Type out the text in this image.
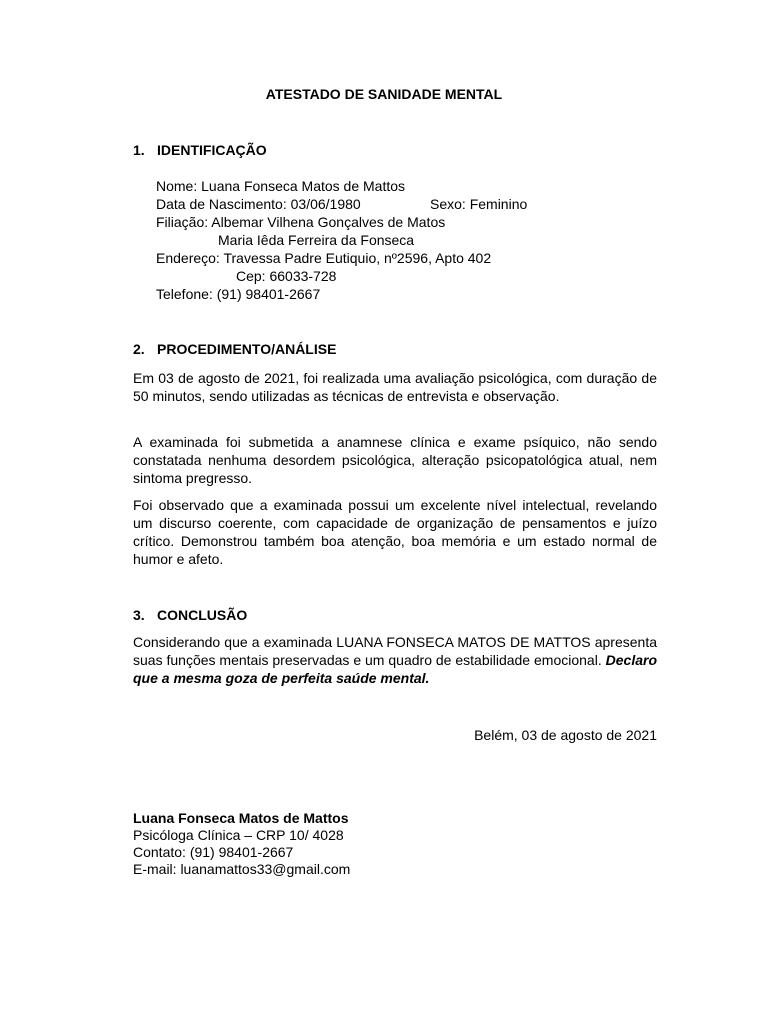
ATESTADO DE SANIDADE MENTAL
1. IDENTIFICAÇÃO
Nome: Luana Fonseca Matos de Mattos
Data de Nascimento: 03/06/1980	Sexo: Feminino
Filiação: Albemar Vilhena Gonçalves de Matos
Maria Iêda Ferreira da Fonseca
Endereço: Travessa Padre Eutiquio, nº2596, Apto 402
Cep: 66033-728
Telefone: (91) 98401-2667
2. PROCEDIMENTO/ANÁLISE
Em 03 de agosto de 2021, foi realizada uma avaliação psicológica, com duração de 50 minutos, sendo utilizadas as técnicas de entrevista e observação.
A examinada foi submetida a anamnese clínica e exame psíquico, não sendo constatada nenhuma desordem psicológica, alteração psicopatológica atual, nem sintoma pregresso.
Foi observado que a examinada possui um excelente nível intelectual, revelando um discurso coerente, com capacidade de organização de pensamentos e juízo crítico. Demonstrou também boa atenção, boa memória e um estado normal de humor e afeto.
3. CONCLUSÃO
Considerando que a examinada LUANA FONSECA MATOS DE MATTOS apresenta suas funções mentais preservadas e um quadro de estabilidade emocional. Declaro que a mesma goza de perfeita saúde mental.
Belém, 03 de agosto de 2021
Luana Fonseca Matos de Mattos
Psicóloga Clínica – CRP 10/ 4028
Contato: (91) 98401-2667
E-mail: luanamattos33@gmail.com
